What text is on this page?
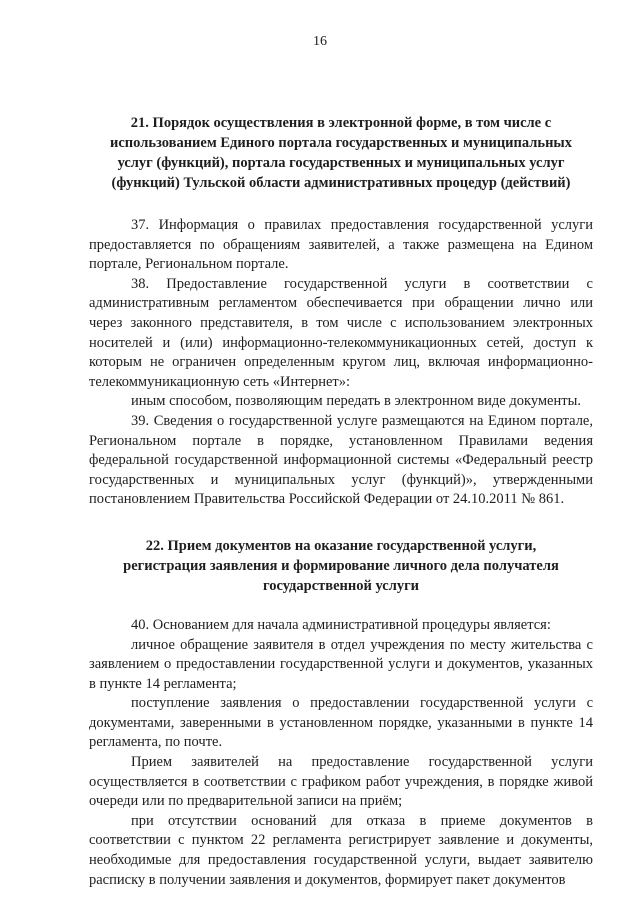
16

21. Порядок осуществления в электронной форме, в том числе с

использованием Единого портала государственных и муниципальных

услуг (функций), портала государственных и муниципальных услуг

(функций) Тульской области административных процедур (действий)

37. Информация о правилах предоставления государственной услуги предоставляется по обращениям заявителей, а также размещена на Едином портале, Региональном портале.

38. Предоставление государственной услуги в соответствии с административным регламентом обеспечивается при обращении лично или через законного представителя, в том числе с использованием электронных носителей и (или) информационно-телекоммуникационных сетей, доступ к которым не ограничен определенным кругом лиц, включая информационно-телекоммуникационную сеть «Интернет»:

иным способом, позволяющим передать в электронном виде документы.

39. Сведения о государственной услуге размещаются на Едином портале, Региональном портале в порядке, установленном Правилами ведения федеральной государственной информационной системы «Федеральный реестр государственных и муниципальных услуг (функций)», утвержденными постановлением Правительства Российской Федерации от 24.10.2011 № 861.

22. Прием документов на оказание государственной услуги,

регистрация заявления и формирование личного дела получателя

государственной услуги

40. Основанием для начала административной процедуры является:

личное обращение заявителя в отдел учреждения по месту жительства с заявлением о предоставлении государственной услуги и документов, указанных в пункте 14 регламента;

поступление заявления о предоставлении государственной услуги с документами, заверенными в установленном порядке, указанными в пункте 14 регламента, по почте.

Прием заявителей на предоставление государственной услуги осуществляется в соответствии с графиком работ учреждения, в порядке живой очереди или по предварительной записи на приём;

при отсутствии оснований для отказа в приеме документов в соответствии с пунктом 22 регламента регистрирует заявление и документы, необходимые для предоставления государственной услуги, выдает заявителю расписку в получении заявления и документов, формирует пакет документов
